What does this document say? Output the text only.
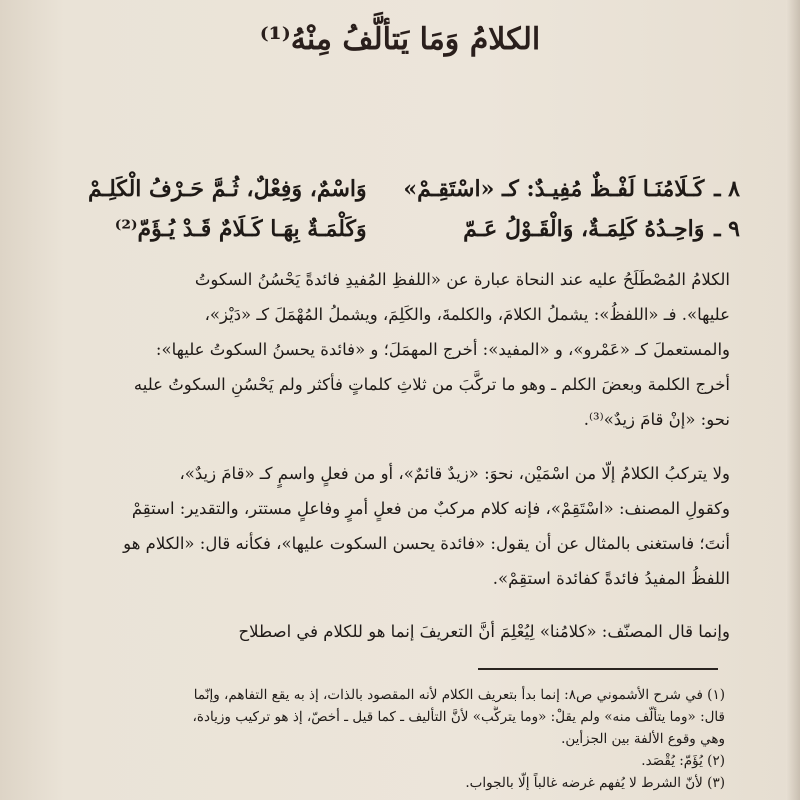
الكلامُ وَمَا يَتألَّفُ مِنْهُ⁽¹⁾
٨ ـ كَـلَامُنَـا لَفْـظٌ مُفِيـدٌ: كـ «اسْتَقِـمْ» وَاسْمٌ، وَفِعْلٌ، ثُـمَّ حَـرْفُ الْكَلِـمْ
٩ ـ وَاحِـدُهُ كَلِمَـةٌ، وَالْقَـوْلُ عَـمّ وَكَلْمَـةٌ بِهَـا كَـلَامٌ قَـدْ يُـؤَمّ⁽²⁾
الكلامُ المُصْطَلَحُ عليه عند النحاة عبارة عن «اللفظِ المُفيدِ فائدةً يَحْسُنُ السكوتُ
عليها». فـ «اللفظُ»: يشملُ الكلامَ، والكلمةَ، والكَلِمَ، ويشملُ المُهْمَلَ كـ «دَيْز»،
والمستعملَ كـ «عَمْرو»، و «المفيد»: أخرج المهمَلَ؛ و «فائدة يحسنُ السكوتُ عليها»:
أخرج الكلمة وبعضَ الكلم ـ وهو ما تركَّبَ من ثلاثِ كلماتٍ فأكثر ولم يَحْسُنِ السكوتُ عليه
نحو: «إنْ قامَ زيدٌ»⁽³⁾.
ولا يتركبُ الكلامُ إلّا من اسْمَيْن، نحوَ: «زيدٌ قائمٌ»، أو من فعلٍ واسمٍ كـ «قامَ زيدٌ»،
وكقولِ المصنف: «اسْتَقِمْ»، فإنه كلام مركبٌ من فعلٍ أمرٍ وفاعلٍ مستتر، والتقدير: استقِمْ
أنتَ؛ فاستغنى بالمثال عن أن يقول: «فائدة يحسن السكوت عليها»، فكأنه قال: «الكلام هو
اللفظُ المفيدُ فائدةً كفائدة استقِمْ».
وإنما قال المصنّف: «كلامُنا» لِيُعْلِمَ أنَّ التعريفَ إنما هو للكلام في اصطلاح
(١) في شرح الأشموني ص٨: إنما بدأ بتعريف الكلام لأنه المقصود بالذات، إذ به يقع التفاهم، وإنّما
قال: «وما يتألّف منه» ولم يقلْ: «وما يتركَّب» لأنَّ التأليف ـ كما قيل ـ أخصّ، إذ هو تركيب وزيادة،
وهي وقوع الألفة بين الجزأين.
(٢) يُؤَمّ: يُقْصَد.
(٣) لأنّ الشرط لا يُفهم غرضه غالباً إلّا بالجواب.
